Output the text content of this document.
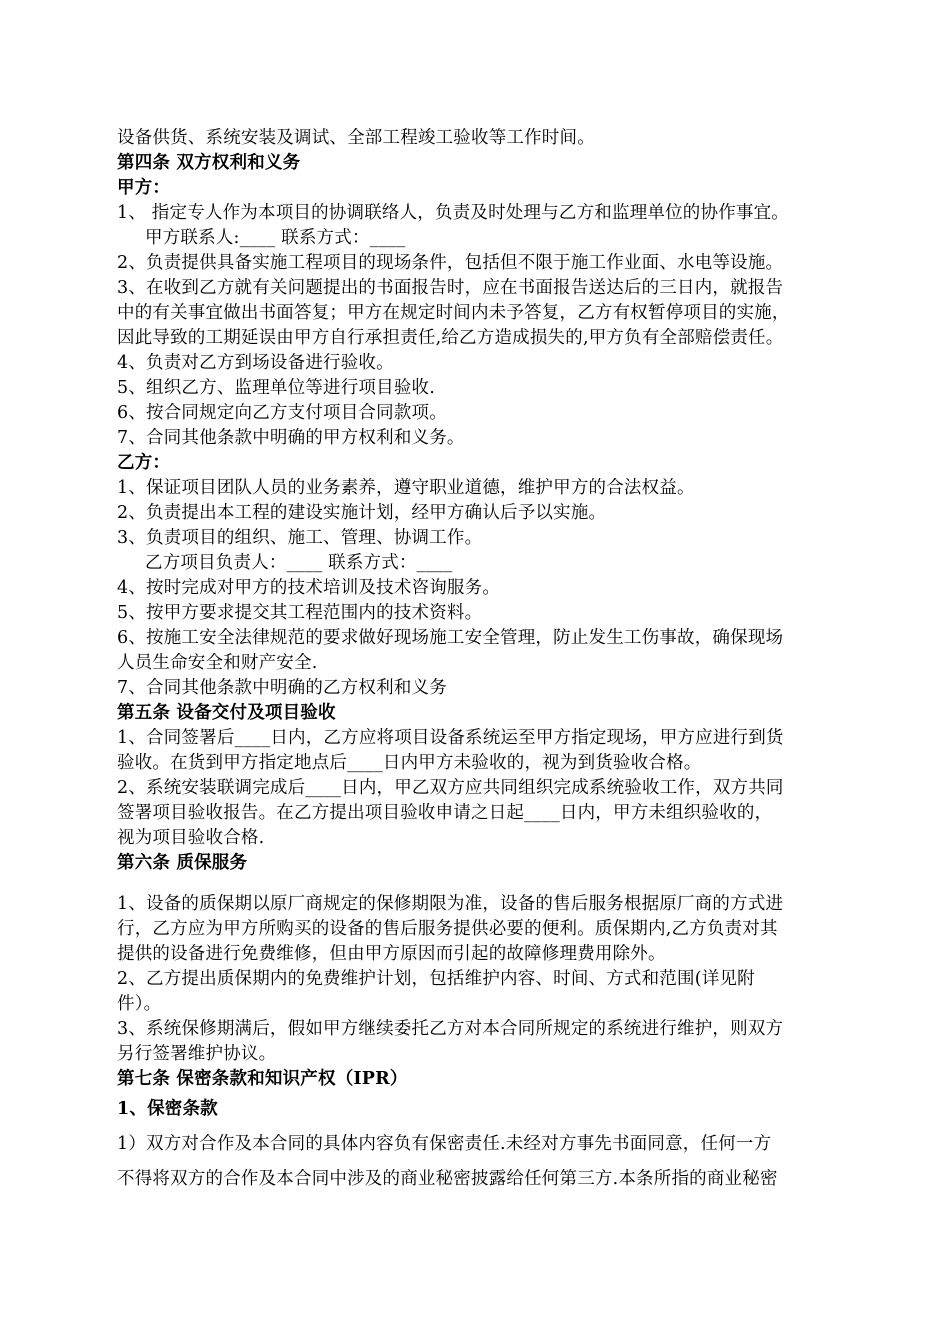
设备供货、系统安装及调试、全部工程竣工验收等工作时间。
第四条 双方权利和义务
甲方：
1、 指定专人作为本项目的协调联络人，负责及时处理与乙方和监理单位的协作事宜。
甲方联系人:____ 联系方式：____
2、负责提供具备实施工程项目的现场条件，包括但不限于施工作业面、水电等设施。
3、在收到乙方就有关问题提出的书面报告时，应在书面报告送达后的三日内，就报告
中的有关事宜做出书面答复；甲方在规定时间内未予答复，乙方有权暂停项目的实施，
因此导致的工期延误由甲方自行承担责任,给乙方造成损失的,甲方负有全部赔偿责任。
4、负责对乙方到场设备进行验收。
5、组织乙方、监理单位等进行项目验收.
6、按合同规定向乙方支付项目合同款项。
7、合同其他条款中明确的甲方权利和义务。
乙方：
1、保证项目团队人员的业务素养，遵守职业道德，维护甲方的合法权益。
2、负责提出本工程的建设实施计划，经甲方确认后予以实施。
3、负责项目的组织、施工、管理、协调工作。
乙方项目负责人：____ 联系方式：____
4、按时完成对甲方的技术培训及技术咨询服务。
5、按甲方要求提交其工程范围内的技术资料。
6、按施工安全法律规范的要求做好现场施工安全管理，防止发生工伤事故，确保现场
人员生命安全和财产安全.
7、合同其他条款中明确的乙方权利和义务
第五条 设备交付及项目验收
1、合同签署后____日内，乙方应将项目设备系统运至甲方指定现场，甲方应进行到货
验收。在货到甲方指定地点后____日内甲方未验收的，视为到货验收合格。
2、系统安装联调完成后____日内，甲乙双方应共同组织完成系统验收工作，双方共同
签署项目验收报告。在乙方提出项目验收申请之日起____日内，甲方未组织验收的，
视为项目验收合格.
第六条 质保服务
1、设备的质保期以原厂商规定的保修期限为准，设备的售后服务根据原厂商的方式进
行，乙方应为甲方所购买的设备的售后服务提供必要的便利。质保期内,乙方负责对其
提供的设备进行免费维修，但由甲方原因而引起的故障修理费用除外。
2、乙方提出质保期内的免费维护计划，包括维护内容、时间、方式和范围(详见附
件）。
3、系统保修期满后，假如甲方继续委托乙方对本合同所规定的系统进行维护，则双方
另行签署维护协议。
第七条 保密条款和知识产权（IPR）
1、保密条款
1）双方对合作及本合同的具体内容负有保密责任.未经对方事先书面同意，任何一方
不得将双方的合作及本合同中涉及的商业秘密披露给任何第三方.本条所指的商业秘密
